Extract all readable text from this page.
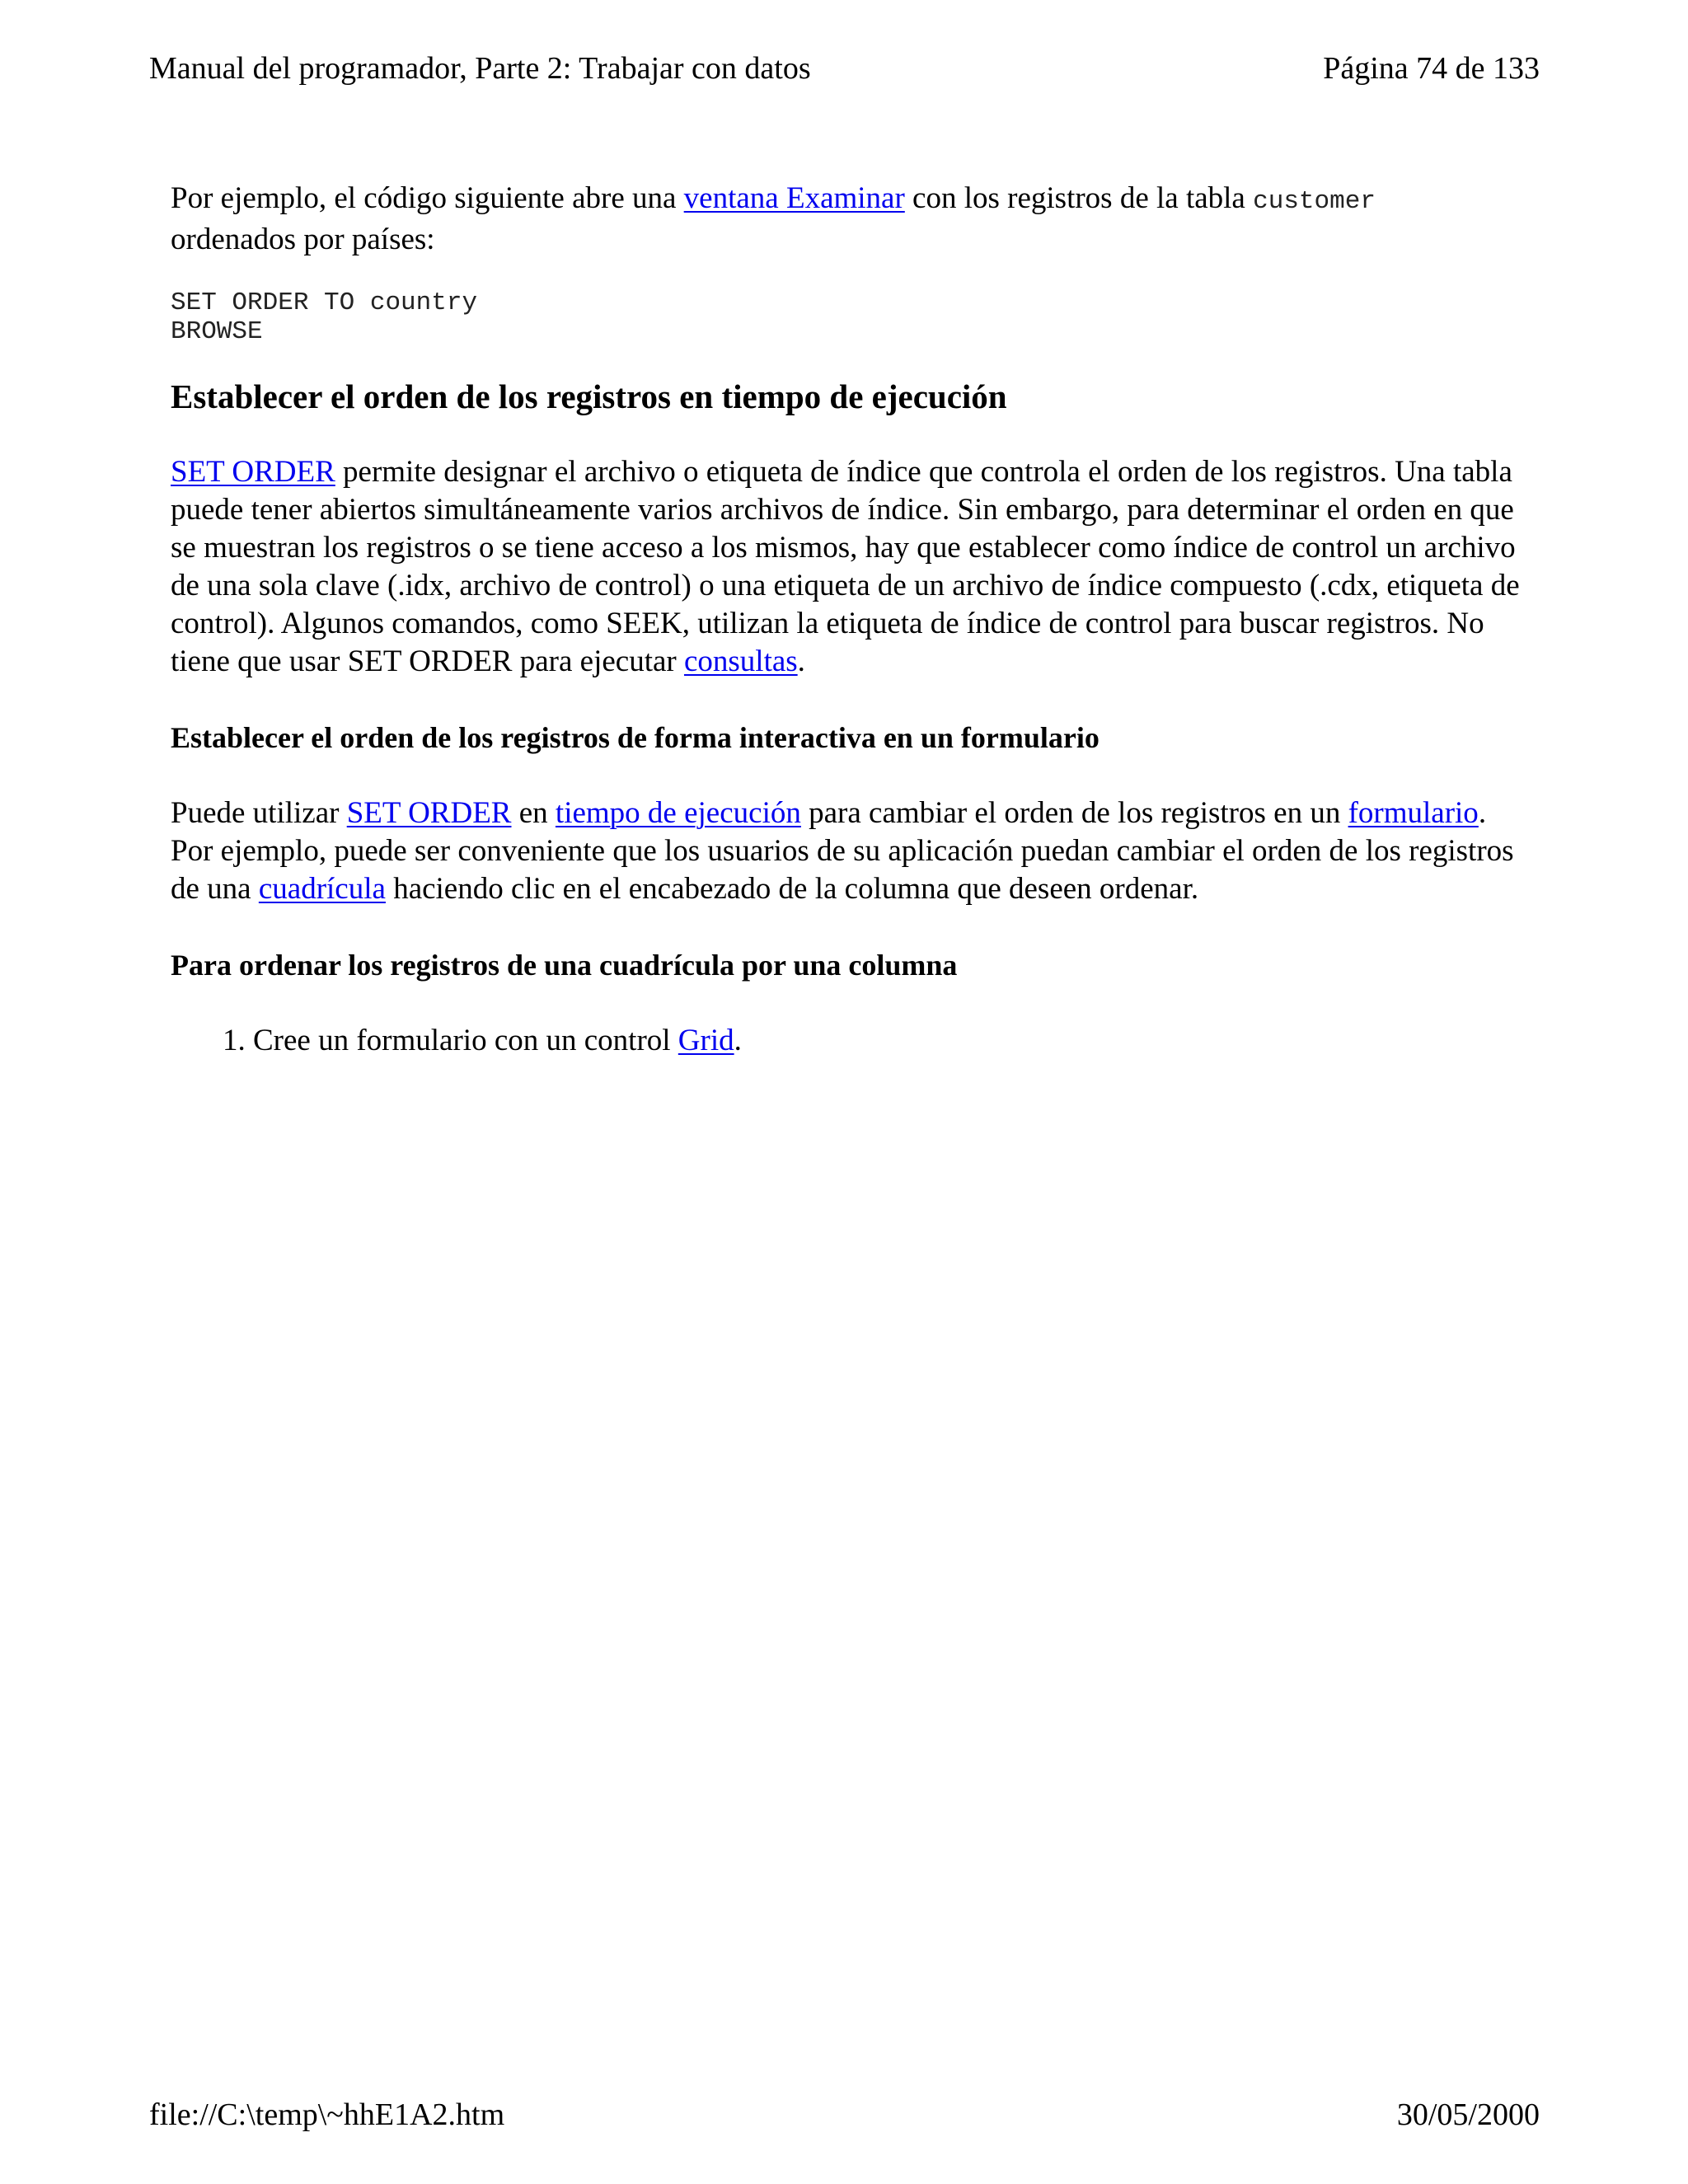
Manual del programador, Parte 2: Trabajar con datos	Página 74 de 133

Por ejemplo, el código siguiente abre una ventana Examinar con los registros de la tabla customer ordenados por países:

SET ORDER TO country
BROWSE
Establecer el orden de los registros en tiempo de ejecución

SET ORDER permite designar el archivo o etiqueta de índice que controla el orden de los registros. Una tabla puede tener abiertos simultáneamente varios archivos de índice. Sin embargo, para determinar el orden en que se muestran los registros o se tiene acceso a los mismos, hay que establecer como índice de control un archivo de una sola clave (.idx, archivo de control) o una etiqueta de un archivo de índice compuesto (.cdx, etiqueta de control). Algunos comandos, como SEEK, utilizan la etiqueta de índice de control para buscar registros. No tiene que usar SET ORDER para ejecutar consultas.

Establecer el orden de los registros de forma interactiva en un formulario

Puede utilizar SET ORDER en tiempo de ejecución para cambiar el orden de los registros en un formulario. Por ejemplo, puede ser conveniente que los usuarios de su aplicación puedan cambiar el orden de los registros de una cuadrícula haciendo clic en el encabezado de la columna que deseen ordenar.

Para ordenar los registros de una cuadrícula por una columna
1. Cree un formulario con un control Grid.
file://C:\temp\~hhE1A2.htm	30/05/2000
